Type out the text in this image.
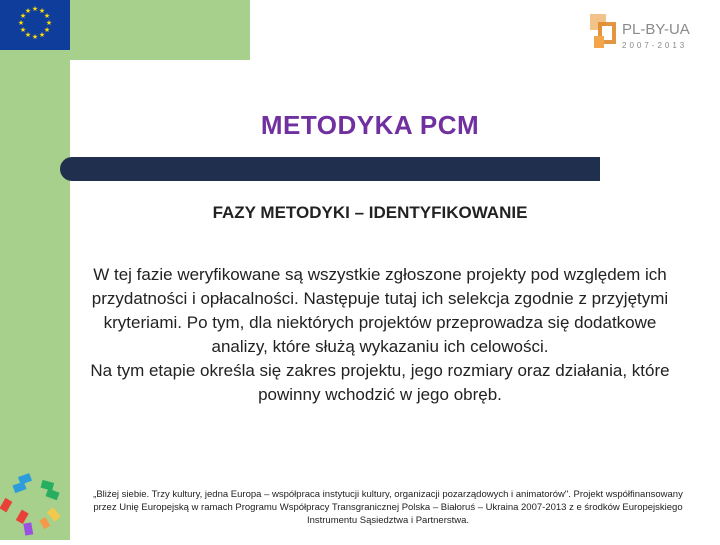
★ ★
★
★
★
★
★
★
★
★
★
★
PL-BY-UA
2007-2013
METODYKA PCM
FAZY METODYKI – IDENTYFIKOWANIE

W tej fazie weryfikowane są wszystkie zgłoszone projekty pod względem ich przydatności i opłacalności. Następuje tutaj ich selekcja zgodnie z przyjętymi kryteriami. Po tym, dla niektórych projektów przeprowadza się dodatkowe analizy, które służą wykazaniu ich celowości.

Na tym etapie określa się zakres projektu, jego rozmiary oraz działania, które powinny wchodzić w jego obręb.

„Bliżej siebie. Trzy kultury, jedna Europa – współpraca instytucji kultury, organizacji pozarządowych i animatorów". Projekt współfinansowany przez Unię Europejską w ramach Programu Współpracy Transgranicznej Polska – Białoruś – Ukraina 2007-2013 z e środków Europejskiego Instrumentu Sąsiedztwa i Partnerstwa.
